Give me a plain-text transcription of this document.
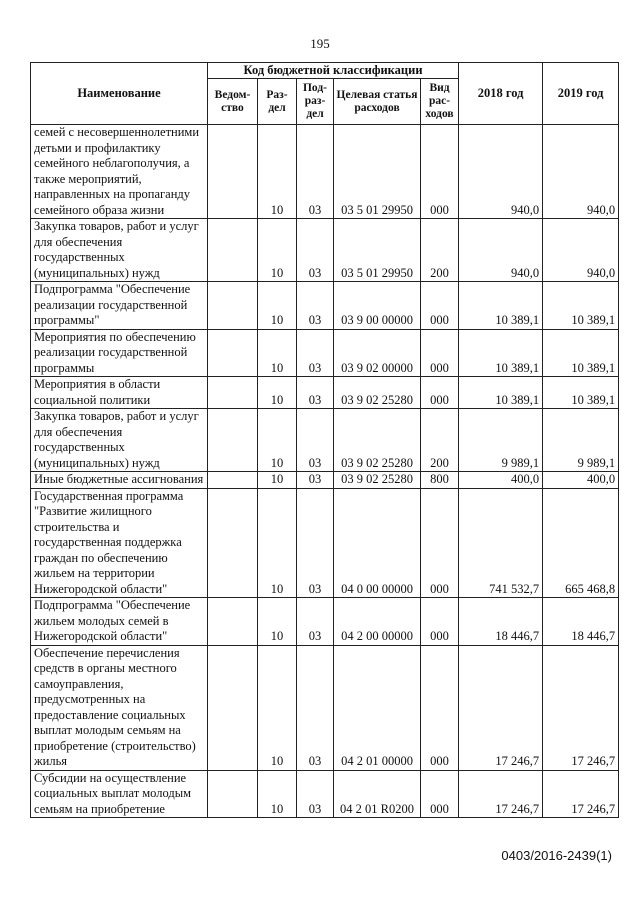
195
Наименование	Код бюджетной классификации					2018 год	2019 год
	Ведом-ство	Раз-дел	Под-раз-дел	Целевая статья расходов	Вид рас-ходов		
семей с несовершеннолетними детьми и профилактику семейного неблагополучия, а также мероприятий, направленных на пропаганду семейного образа жизни		10	03	03 5 01 29950	000	940,0	940,0
Закупка товаров, работ и услуг для обеспечения государственных (муниципальных) нужд		10	03	03 5 01 29950	200	940,0	940,0
Подпрограмма "Обеспечение реализации государственной программы"		10	03	03 9 00 00000	000	10 389,1	10 389,1
Мероприятия по обеспечению реализации государственной программы		10	03	03 9 02 00000	000	10 389,1	10 389,1
Мероприятия в области социальной политики		10	03	03 9 02 25280	000	10 389,1	10 389,1
Закупка товаров, работ и услуг для обеспечения государственных (муниципальных) нужд		10	03	03 9 02 25280	200	9 989,1	9 989,1
Иные бюджетные ассигнования		10	03	03 9 02 25280	800	400,0	400,0
Государственная программа "Развитие жилищного строительства и государственная поддержка граждан по обеспечению жильем на территории Нижегородской области"		10	03	04 0 00 00000	000	741 532,7	665 468,8
Подпрограмма "Обеспечение жильем молодых семей в Нижегородской области"		10	03	04 2 00 00000	000	18 446,7	18 446,7
Обеспечение перечисления средств в органы местного самоуправления, предусмотренных на предоставление социальных выплат молодым семьям на приобретение (строительство) жилья		10	03	04 2 01 00000	000	17 246,7	17 246,7
Субсидии на осуществление социальных выплат молодым семьям на приобретение		10	03	04 2 01 R0200	000	17 246,7	17 246,7
0403/2016-2439(1)
